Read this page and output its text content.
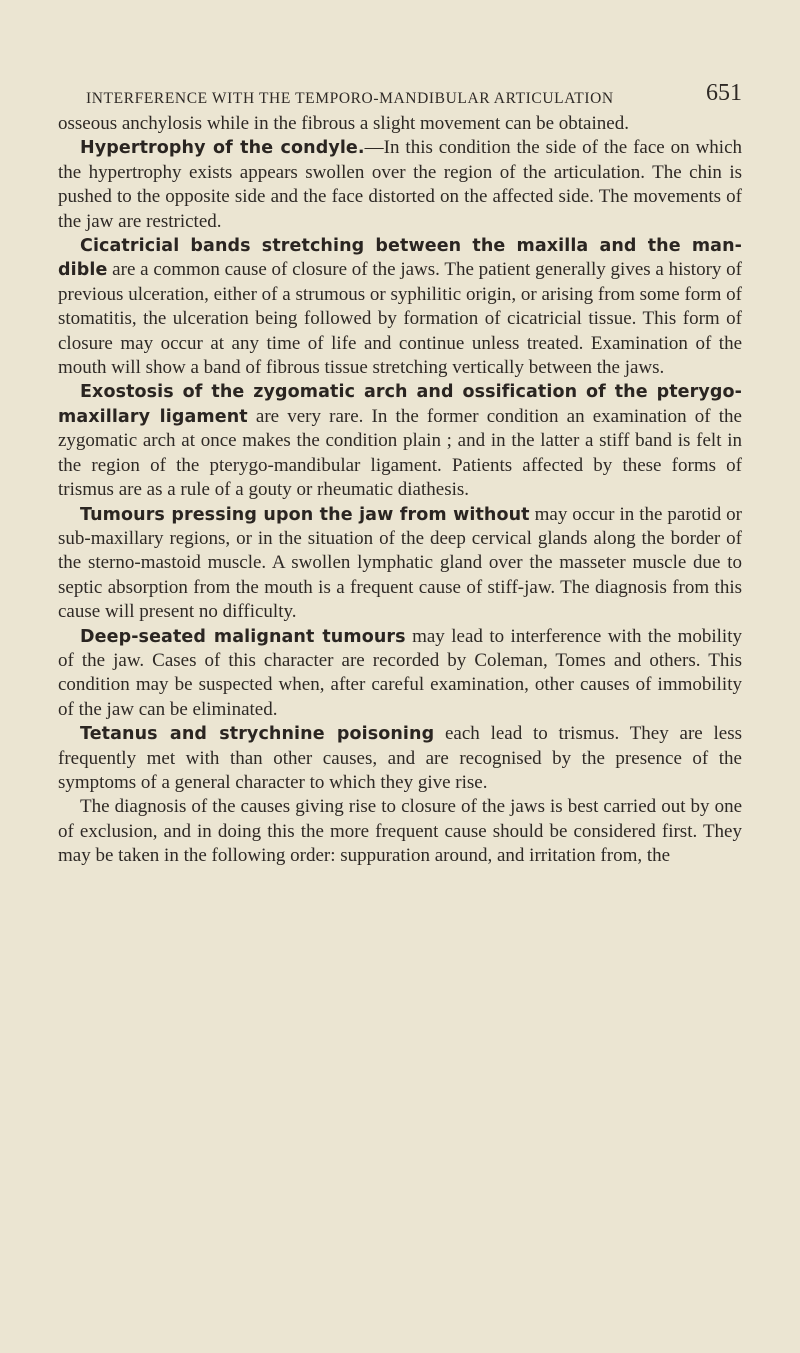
INTERFERENCE WITH THE TEMPORO-MANDIBULAR ARTICULATION	651

osseous anchylosis while in the fibrous a slight movement can be obtained.

Hypertrophy of the condyle.—In this condition the side of the face on which the hypertrophy exists appears swollen over the region of the articulation. The chin is pushed to the opposite side and the face distorted on the affected side. The movements of the jaw are restricted.

Cicatricial bands stretching between the maxilla and the man- dible are a common cause of closure of the jaws. The patient generally gives a history of previous ulceration, either of a strumous or syphilitic origin, or arising from some form of stomatitis, the ulceration being followed by formation of cicatricial tissue. This form of closure may occur at any time of life and continue unless treated. Examination of the mouth will show a band of fibrous tissue stretching vertically between the jaws.

Exostosis of the zygomatic arch and ossification of the pterygo- maxillary ligament are very rare. In the former condition an examination of the zygomatic arch at once makes the condition plain ; and in the latter a stiff band is felt in the region of the pterygo-mandibular ligament. Patients affected by these forms of trismus are as a rule of a gouty or rheumatic diathesis.

Tumours pressing upon the jaw from without may occur in the parotid or sub-maxillary regions, or in the situation of the deep cervical glands along the border of the sterno-mastoid muscle. A swollen lymphatic gland over the masseter muscle due to septic absorption from the mouth is a frequent cause of stiff-jaw. The diagnosis from this cause will present no difficulty.

Deep-seated malignant tumours may lead to interference with the mobility of the jaw. Cases of this character are recorded by Coleman, Tomes and others. This condition may be suspected when, after careful examination, other causes of immobility of the jaw can be eliminated.

Tetanus and strychnine poisoning each lead to trismus. They are less frequently met with than other causes, and are recognised by the presence of the symptoms of a general character to which they give rise.

The diagnosis of the causes giving rise to closure of the jaws is best carried out by one of exclusion, and in doing this the more frequent cause should be considered first. They may be taken in the following order: suppuration around, and irritation from, the
